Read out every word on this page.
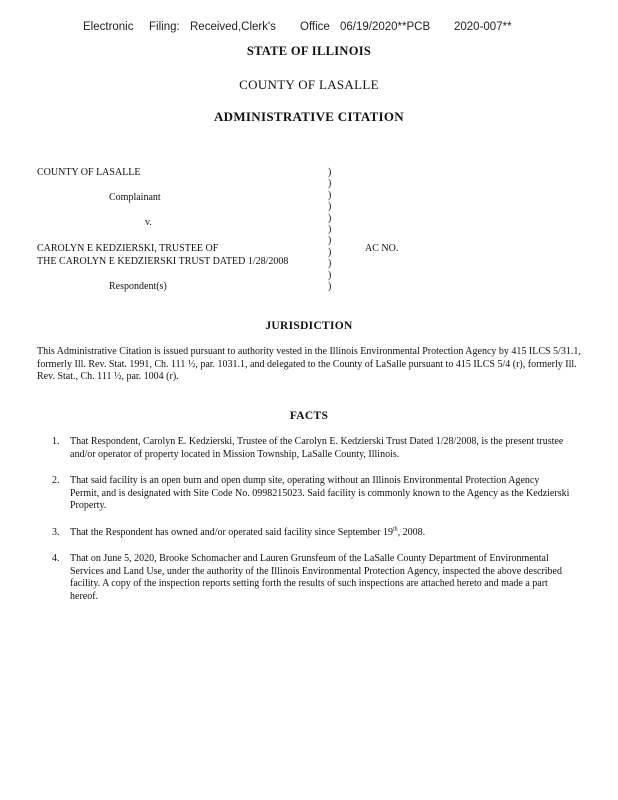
Electronic Filing: Received,Clerk's Office 06/19/2020**PCB 2020-007**
STATE OF ILLINOIS
COUNTY OF LASALLE
ADMINISTRATIVE CITATION
COUNTY OF LASALLE
Complainant
v.
CAROLYN E KEDZIERSKI, TRUSTEE OF
THE CAROLYN E KEDZIERSKI TRUST DATED 1/28/2008
Respondent(s)
AC NO.
)
)
)
)
)
)
)
)
)
)
)
JURISDICTION
This Administrative Citation is issued pursuant to authority vested in the Illinois Environmental Protection Agency by 415 ILCS 5/31.1, formerly Ill. Rev. Stat. 1991, Ch. 111 ½, par. 1031.1, and delegated to the County of LaSalle pursuant to 415 ILCS 5/4 (r), formerly Ill. Rev. Stat., Ch. 111 ½, par. 1004 (r).
FACTS
1. That Respondent, Carolyn E. Kedzierski, Trustee of the Carolyn E. Kedzierski Trust Dated 1/28/2008, is the present trustee and/or operator of property located in Mission Township, LaSalle County, Illinois.
2. That said facility is an open burn and open dump site, operating without an Illinois Environmental Protection Agency Permit, and is designated with Site Code No. 0998215023. Said facility is commonly known to the Agency as the Kedzierski Property.
3. That the Respondent has owned and/or operated said facility since September 19th, 2008.
4. That on June 5, 2020, Brooke Schomacher and Lauren Grunsfeum of the LaSalle County Department of Environmental Services and Land Use, under the authority of the Illinois Environmental Protection Agency, inspected the above described facility. A copy of the inspection reports setting forth the results of such inspections are attached hereto and made a part hereof.
